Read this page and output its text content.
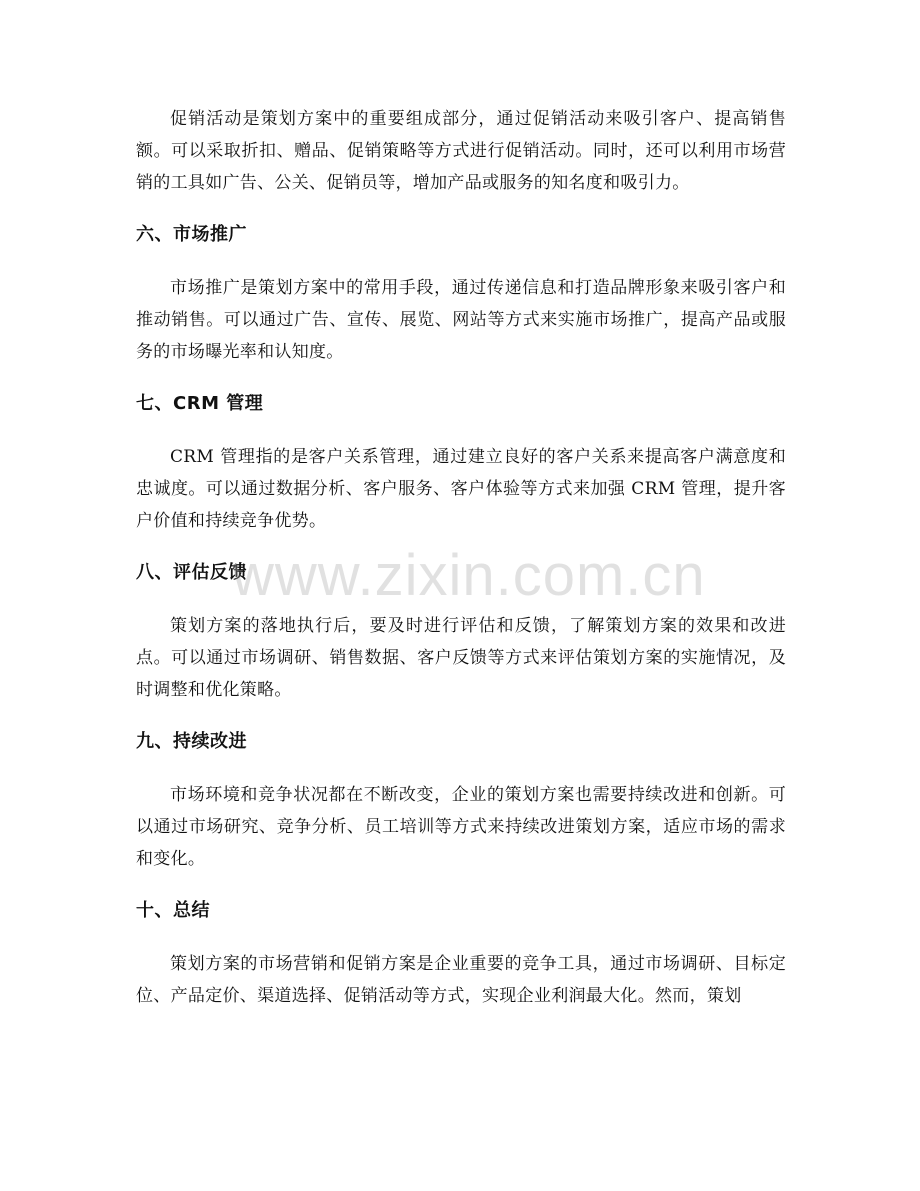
促销活动是策划方案中的重要组成部分，通过促销活动来吸引客户、提高销售额。可以采取折扣、赠品、促销策略等方式进行促销活动。同时，还可以利用市场营销的工具如广告、公关、促销员等，增加产品或服务的知名度和吸引力。

六、市场推广

市场推广是策划方案中的常用手段，通过传递信息和打造品牌形象来吸引客户和推动销售。可以通过广告、宣传、展览、网站等方式来实施市场推广，提高产品或服务的市场曝光率和认知度。

七、CRM 管理

CRM 管理指的是客户关系管理，通过建立良好的客户关系来提高客户满意度和忠诚度。可以通过数据分析、客户服务、客户体验等方式来加强 CRM 管理，提升客户价值和持续竞争优势。

八、评估反馈

策划方案的落地执行后，要及时进行评估和反馈，了解策划方案的效果和改进点。可以通过市场调研、销售数据、客户反馈等方式来评估策划方案的实施情况，及时调整和优化策略。

九、持续改进

市场环境和竞争状况都在不断改变，企业的策划方案也需要持续改进和创新。可以通过市场研究、竞争分析、员工培训等方式来持续改进策划方案，适应市场的需求和变化。

十、总结

策划方案的市场营销和促销方案是企业重要的竞争工具，通过市场调研、目标定位、产品定价、渠道选择、促销活动等方式，实现企业利润最大化。然而，策划

www.zixin.com.cn
